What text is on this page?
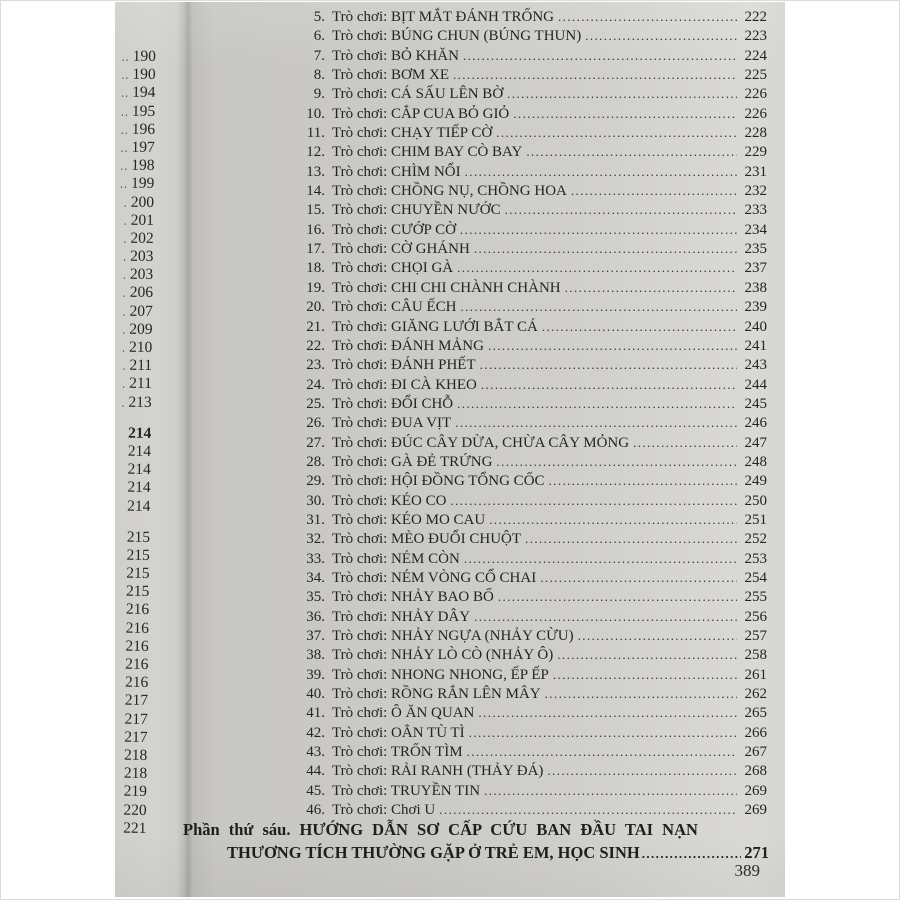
.. 190
.. 190
.. 194
.. 195
.. 196
.. 197
.. 198
.. 199
. 200
. 201
. 202
. 203
. 203
. 206
. 207
. 209
. 210
. 211
. 211
. 213
214
214
214
214
214
215
215
215
215
216
216
216
216
216
217
217
217
218
218
219
220
221
5. Trò chơi: BỊT MẮT ĐÁNH TRỐNG .....	222
6. Trò chơi: BÚNG CHUN (BÚNG THUN) .....	223
7. Trò chơi: BỎ KHĂN .....	224
8. Trò chơi: BƠM XE .....	225
9. Trò chơi: CÁ SẤU LÊN BỜ .....	226
10. Trò chơi: CẮP CUA BỎ GIỎ .....	226
11. Trò chơi: CHẠY TIẾP CỜ .....	228
12. Trò chơi: CHIM BAY CÒ BAY .....	229
13. Trò chơi: CHÌM NỔI .....	231
14. Trò chơi: CHỒNG NỤ, CHỒNG HOA .....	232
15. Trò chơi: CHUYỀN NƯỚC .....	233
16. Trò chơi: CƯỚP CỜ .....	234
17. Trò chơi: CỜ GHÁNH .....	235
18. Trò chơi: CHỌI GÀ .....	237
19. Trò chơi: CHI CHI CHÀNH CHÀNH .....	238
20. Trò chơi: CÂU ẾCH .....	239
21. Trò chơi: GIĂNG LƯỚI BẮT CÁ .....	240
22. Trò chơi: ĐÁNH MẢNG .....	241
23. Trò chơi: ĐÁNH PHẾT .....	243
24. Trò chơi: ĐI CÀ KHEO .....	244
25. Trò chơi: ĐỔI CHỖ .....	245
26. Trò chơi: ĐUA VỊT .....	246
27. Trò chơi: ĐÚC CÂY DỪA, CHỪA CÂY MỎNG .....	247
28. Trò chơi: GÀ ĐẺ TRỨNG .....	248
29. Trò chơi: HỘI ĐỒNG TỔNG CỐC .....	249
30. Trò chơi: KÉO CO .....	250
31. Trò chơi: KÉO MO CAU .....	251
32. Trò chơi: MÈO ĐUỔI CHUỘT .....	252
33. Trò chơi: NÉM CÒN .....	253
34. Trò chơi: NÉM VÒNG CỔ CHAI .....	254
35. Trò chơi: NHẢY BAO BỐ .....	255
36. Trò chơi: NHẢY DÂY .....	256
37. Trò chơi: NHẢY NGỰA (NHẢY CỪU) .....	257
38. Trò chơi: NHẢY LÒ CÒ (NHẢY Ô) .....	258
39. Trò chơi: NHONG NHONG, ẾP ẾP .....	261
40. Trò chơi: RỒNG RẮN LÊN MÂY .....	262
41. Trò chơi: Ô ĂN QUAN .....	265
42. Trò chơi: OẲN TÙ TÌ .....	266
43. Trò chơi: TRỐN TÌM .....	267
44. Trò chơi: RẢI RANH (THẢY ĐÁ) .....	268
45. Trò chơi: TRUYỀN TIN .....	269
46. Trò chơi: Chơi U .....	269
Phần thứ sáu. HƯỚNG DẪN SƠ CẤP CỨU BAN ĐẦU TAI NẠN
THƯƠNG TÍCH THƯỜNG GẶP Ở TRẺ EM, HỌC SINH .....	271
389
